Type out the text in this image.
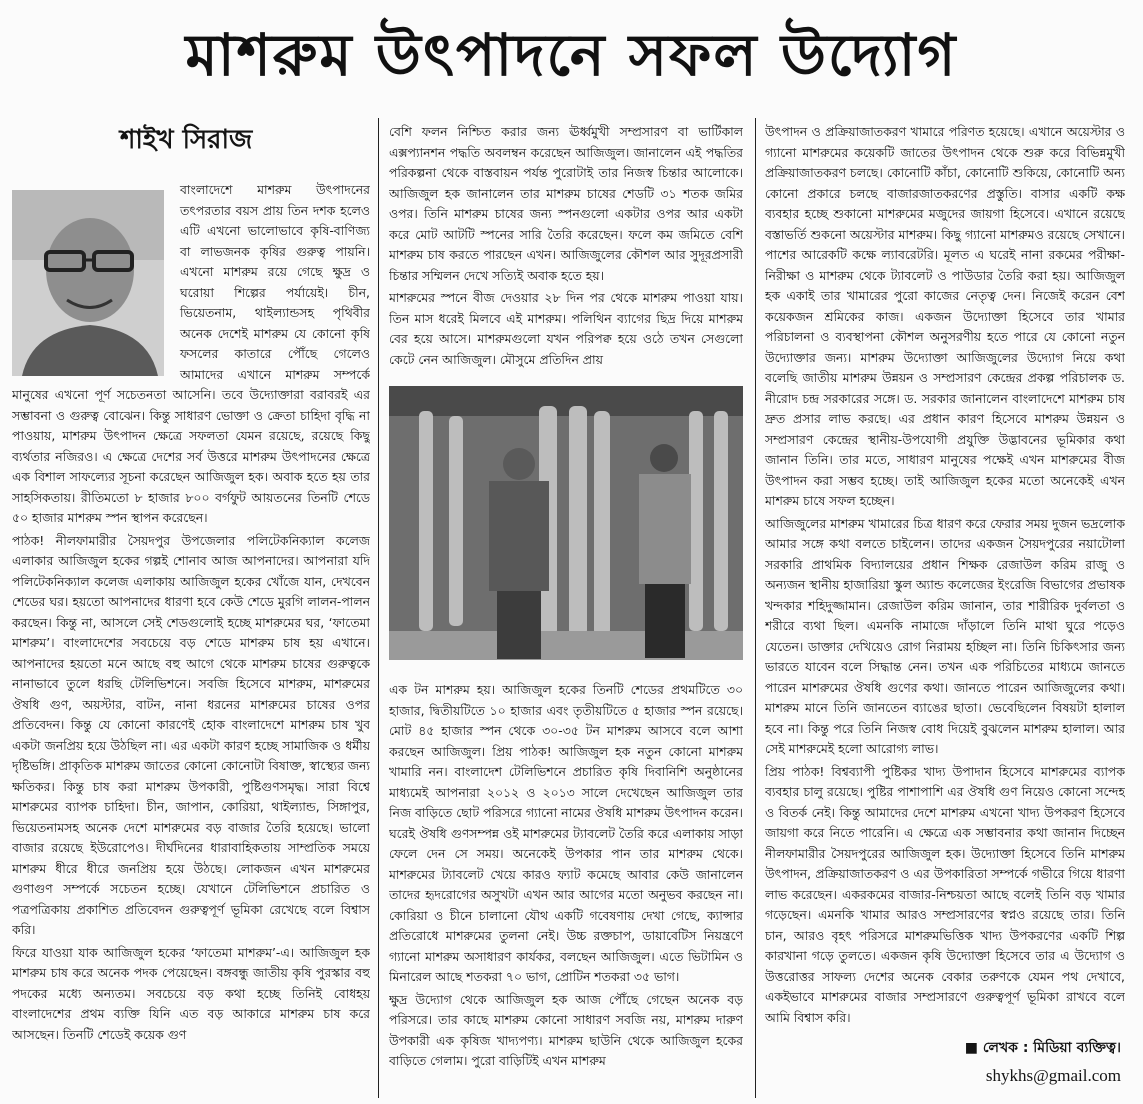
মাশরুম উৎপাদনে সফল উদ্যোগ
শাইখ সিরাজ

বাংলাদেশে মাশরুম উৎপাদনের তৎপরতার বয়স প্রায় তিন দশক হলেও এটি এখনো ভালোভাবে কৃষি-বাণিজ্য বা লাভজনক কৃষির গুরুত্ব পায়নি। এখনো মাশরুম রয়ে গেছে ক্ষুদ্র ও ঘরোয়া শিল্পের পর্যায়েই। চীন, ভিয়েতনাম, থাইল্যান্ডসহ পৃথিবীর অনেক দেশেই মাশরুম যে কোনো কৃষি ফসলের কাতারে পৌঁছে গেলেও আমাদের এখানে মাশরুম সম্পর্কে মানুষের এখনো পূর্ণ সচেতনতা আসেনি। তবে উদ্যোক্তারা বরাবরই এর সম্ভাবনা ও গুরুত্ব বোঝেন। কিন্তু সাধারণ ভোক্তা ও ক্রেতা চাহিদা বৃদ্ধি না পাওয়ায়, মাশরুম উৎপাদন ক্ষেত্রে সফলতা যেমন রয়েছে, রয়েছে কিছু ব্যর্থতার নজিরও। এ ক্ষেত্রে দেশের সর্ব উত্তরে মাশরুম উৎপাদনের ক্ষেত্রে এক বিশাল সাফল্যের সূচনা করেছেন আজিজুল হক। অবাক হতে হয় তার সাহসিকতায়। রীতিমতো ৮ হাজার ৮০০ বর্গফুট আয়তনের তিনটি শেডে ৫০ হাজার মাশরুম স্পন স্থাপন করেছেন।

পাঠক! নীলফামারীর সৈয়দপুর উপজেলার পলিটেকনিক্যাল কলেজ এলাকার আজিজুল হকের গল্পই শোনাব আজ আপনাদের। আপনারা যদি পলিটেকনিক্যাল কলেজ এলাকায় আজিজুল হকের খোঁজে যান, দেখবেন শেডের ঘর। হয়তো আপনাদের ধারণা হবে কেউ শেডে মুরগি লালন-পালন করছেন। কিন্তু না, আসলে সেই শেডগুলোই হচ্ছে মাশরুমের ঘর, ‘ফাতেমা মাশরুম’। বাংলাদেশের সবচেয়ে বড় শেডে মাশরুম চাষ হয় এখানে। আপনাদের হয়তো মনে আছে বহু আগে থেকে মাশরুম চাষের গুরুত্বকে নানাভাবে তুলে ধরছি টেলিভিশনে। সবজি হিসেবে মাশরুম, মাশরুমের ঔষধি গুণ, অয়স্টার, বাটন, নানা ধরনের মাশরুমের চাষের ওপর প্রতিবেদন। কিন্তু যে কোনো কারণেই হোক বাংলাদেশে মাশরুম চাষ খুব একটা জনপ্রিয় হয়ে উঠছিল না। এর একটা কারণ হচ্ছে সামাজিক ও ধর্মীয় দৃষ্টিভঙ্গি। প্রাকৃতিক মাশরুম জাতের কোনো কোনোটা বিষাক্ত, স্বাস্থ্যের জন্য ক্ষতিকর। কিন্তু চাষ করা মাশরুম উপকারী, পুষ্টিগুণসমৃদ্ধ। সারা বিশ্বে মাশরুমের ব্যাপক চাহিদা। চীন, জাপান, কোরিয়া, থাইল্যান্ড, সিঙ্গাপুর, ভিয়েতনামসহ অনেক দেশে মাশরুমের বড় বাজার তৈরি হয়েছে। ভালো বাজার রয়েছে ইউরোপেও। দীর্ঘদিনের ধারাবাহিকতায় সাম্প্রতিক সময়ে মাশরুম ধীরে ধীরে জনপ্রিয় হয়ে উঠছে। লোকজন এখন মাশরুমের গুণাগুণ সম্পর্কে সচেতন হচ্ছে। যেখানে টেলিভিশনে প্রচারিত ও পত্রপত্রিকায় প্রকাশিত প্রতিবেদন গুরুত্বপূর্ণ ভূমিকা রেখেছে বলে বিশ্বাস করি।

ফিরে যাওয়া যাক আজিজুল হকের ‘ফাতেমা মাশরুম’-এ। আজিজুল হক মাশরুম চাষ করে অনেক পদক পেয়েছেন। বঙ্গবন্ধু জাতীয় কৃষি পুরস্কার বহু পদকের মধ্যে অন্যতম। সবচেয়ে বড় কথা হচ্ছে তিনিই বোধহয় বাংলাদেশের প্রথম ব্যক্তি যিনি এত বড় আকারে মাশরুম চাষ করে আসছেন। তিনটি শেডেই কয়েক গুণ

বেশি ফলন নিশ্চিত করার জন্য ঊর্ধ্বমুখী সম্প্রসারণ বা ভার্টিকাল এক্সপ্যানশন পদ্ধতি অবলম্বন করেছেন আজিজুল। জানালেন এই পদ্ধতির পরিকল্পনা থেকে বাস্তবায়ন পর্যন্ত পুরোটাই তার নিজস্ব চিন্তার আলোকে। আজিজুল হক জানালেন তার মাশরুম চাষের শেডটি ৩১ শতক জমির ওপর। তিনি মাশরুম চাষের জন্য স্পনগুলো একটার ওপর আর একটা করে মোট আটটি স্পনের সারি তৈরি করেছেন। ফলে কম জমিতে বেশি মাশরুম চাষ করতে পারছেন এখন। আজিজুলের কৌশল আর সুদূরপ্রসারী চিন্তার সম্মিলন দেখে সত্যিই অবাক হতে হয়।

মাশরুমের স্পনে বীজ দেওয়ার ২৮ দিন পর থেকে মাশরুম পাওয়া যায়। তিন মাস ধরেই মিলবে এই মাশরুম। পলিথিন ব্যাগের ছিদ্র দিয়ে মাশরুম বের হয়ে আসে। মাশরুমগুলো যখন পরিপক্ব হয়ে ওঠে তখন সেগুলো কেটে নেন আজিজুল। মৌসুমে প্রতিদিন প্রায়

এক টন মাশরুম হয়। আজিজুল হকের তিনটি শেডের প্রথমটিতে ৩০ হাজার, দ্বিতীয়টিতে ১০ হাজার এবং তৃতীয়টিতে ৫ হাজার স্পন রয়েছে। মোট ৪৫ হাজার স্পন থেকে ৩০-৩৫ টন মাশরুম আসবে বলে আশা করছেন আজিজুল। প্রিয় পাঠক! আজিজুল হক নতুন কোনো মাশরুম খামারি নন। বাংলাদেশ টেলিভিশনে প্রচারিত কৃষি দিবানিশি অনুষ্ঠানের মাধ্যমেই আপনারা ২০১২ ও ২০১৩ সালে দেখেছেন আজিজুল তার নিজ বাড়িতে ছোট পরিসরে গ্যানো নামের ঔষধি মাশরুম উৎপাদন করেন। ঘরেই ঔষধি গুণসম্পন্ন ওই মাশরুমের ট্যাবলেট তৈরি করে এলাকায় সাড়া ফেলে দেন সে সময়। অনেকেই উপকার পান তার মাশরুম থেকে। মাশরুমের ট্যাবলেট খেয়ে কারও ফ্যাট কমেছে আবার কেউ জানালেন তাদের হৃদরোগের অসুখটা এখন আর আগের মতো অনুভব করছেন না। কোরিয়া ও চীনে চালানো যৌথ একটি গবেষণায় দেখা গেছে, ক্যান্সার প্রতিরোধে মাশরুমের তুলনা নেই। উচ্চ রক্তচাপ, ডায়াবেটিস নিয়ন্ত্রণে গ্যানো মাশরুম অসাধারণ কার্যকর, বলছেন আজিজুল। এতে ভিটামিন ও মিনারেল আছে শতকরা ৭০ ভাগ, প্রোটিন শতকরা ৩৫ ভাগ।

ক্ষুদ্র উদ্যোগ থেকে আজিজুল হক আজ পৌঁছে গেছেন অনেক বড় পরিসরে। তার কাছে মাশরুম কোনো সাধারণ সবজি নয়, মাশরুম দারুণ উপকারী এক কৃষিজ খাদ্যপণ্য। মাশরুম ছাউনি থেকে আজিজুল হকের বাড়িতে গেলাম। পুরো বাড়িটিই এখন মাশরুম

উৎপাদন ও প্রক্রিয়াজাতকরণ খামারে পরিণত হয়েছে। এখানে অয়েস্টার ও গ্যানো মাশরুমের কয়েকটি জাতের উৎপাদন থেকে শুরু করে বিভিন্নমুখী প্রক্রিয়াজাতকরণ চলছে। কোনোটি কাঁচা, কোনোটি শুকিয়ে, কোনোটি অন্য কোনো প্রকারে চলছে বাজারজাতকরণের প্রস্তুতি। বাসার একটি কক্ষ ব্যবহার হচ্ছে শুকানো মাশরুমের মজুদের জায়গা হিসেবে। এখানে রয়েছে বস্তাভর্তি শুকনো অয়েস্টার মাশরুম। কিছু গ্যানো মাশরুমও রয়েছে সেখানে। পাশের আরেকটি কক্ষে ল্যাবরেটরি। মূলত এ ঘরেই নানা রকমের পরীক্ষা-নিরীক্ষা ও মাশরুম থেকে ট্যাবলেট ও পাউডার তৈরি করা হয়। আজিজুল হক একাই তার খামারের পুরো কাজের নেতৃত্ব দেন। নিজেই করেন বেশ কয়েকজন শ্রমিকের কাজ। একজন উদ্যোক্তা হিসেবে তার খামার পরিচালনা ও ব্যবস্থাপনা কৌশল অনুসরণীয় হতে পারে যে কোনো নতুন উদ্যোক্তার জন্য। মাশরুম উদ্যোক্তা আজিজুলের উদ্যোগ নিয়ে কথা বলেছি জাতীয় মাশরুম উন্নয়ন ও সম্প্রসারণ কেন্দ্রের প্রকল্প পরিচালক ড. নীরোদ চন্দ্র সরকারের সঙ্গে। ড. সরকার জানালেন বাংলাদেশে মাশরুম চাষ দ্রুত প্রসার লাভ করছে। এর প্রধান কারণ হিসেবে মাশরুম উন্নয়ন ও সম্প্রসারণ কেন্দ্রের স্থানীয়-উপযোগী প্রযুক্তি উদ্ভাবনের ভূমিকার কথা জানান তিনি। তার মতে, সাধারণ মানুষের পক্ষেই এখন মাশরুমের বীজ উৎপাদন করা সম্ভব হচ্ছে। তাই আজিজুল হকের মতো অনেকেই এখন মাশরুম চাষে সফল হচ্ছেন।

আজিজুলের মাশরুম খামারের চিত্র ধারণ করে ফেরার সময় দুজন ভদ্রলোক আমার সঙ্গে কথা বলতে চাইলেন। তাদের একজন সৈয়দপুরের নয়াটোলা সরকারি প্রাথমিক বিদ্যালয়ের প্রধান শিক্ষক রেজাউল করিম রাজু ও অন্যজন স্থানীয় হাজারিয়া স্কুল অ্যান্ড কলেজের ইংরেজি বিভাগের প্রভাষক খন্দকার শহিদুজ্জামান। রেজাউল করিম জানান, তার শারীরিক দুর্বলতা ও শরীরে ব্যথা ছিল। এমনকি নামাজে দাঁড়ালে তিনি মাথা ঘুরে পড়েও যেতেন। ডাক্তার দেখিয়েও রোগ নিরাময় হচ্ছিল না। তিনি চিকিৎসার জন্য ভারতে যাবেন বলে সিদ্ধান্ত নেন। তখন এক পরিচিতের মাধ্যমে জানতে পারেন মাশরুমের ঔষধি গুণের কথা। জানতে পারেন আজিজুলের কথা। মাশরুম মানে তিনি জানতেন ব্যাঙের ছাতা। ভেবেছিলেন বিষয়টা হালাল হবে না। কিন্তু পরে তিনি নিজস্ব বোধ দিয়েই বুঝলেন মাশরুম হালাল। আর সেই মাশরুমেই হলো আরোগ্য লাভ।

প্রিয় পাঠক! বিশ্বব্যাপী পুষ্টিকর খাদ্য উপাদান হিসেবে মাশরুমের ব্যাপক ব্যবহার চালু রয়েছে। পুষ্টির পাশাপাশি এর ঔষধি গুণ নিয়েও কোনো সন্দেহ ও বিতর্ক নেই। কিন্তু আমাদের দেশে মাশরুম এখনো খাদ্য উপকরণ হিসেবে জায়গা করে নিতে পারেনি। এ ক্ষেত্রে এক সম্ভাবনার কথা জানান দিচ্ছেন নীলফামারীর সৈয়দপুরের আজিজুল হক। উদ্যোক্তা হিসেবে তিনি মাশরুম উৎপাদন, প্রক্রিয়াজাতকরণ ও এর উপকারিতা সম্পর্কে গভীরে গিয়ে ধারণা লাভ করেছেন। একরকমের বাজার-নিশ্চয়তা আছে বলেই তিনি বড় খামার গড়েছেন। এমনকি খামার আরও সম্প্রসারণের স্বপ্নও রয়েছে তার। তিনি চান, আরও বৃহৎ পরিসরে মাশরুমভিত্তিক খাদ্য উপকরণের একটি শিল্প কারখানা গড়ে তুলতে। একজন কৃষি উদ্যোক্তা হিসেবে তার এ উদ্যোগ ও উত্তরোত্তর সাফল্য দেশের অনেক বেকার তরুণকে যেমন পথ দেখাবে, একইভাবে মাশরুমের বাজার সম্প্রসারণে গুরুত্বপূর্ণ ভূমিকা রাখবে বলে আমি বিশ্বাস করি।

■ লেখক : মিডিয়া ব্যক্তিত্ব।
shykhs@gmail.com
